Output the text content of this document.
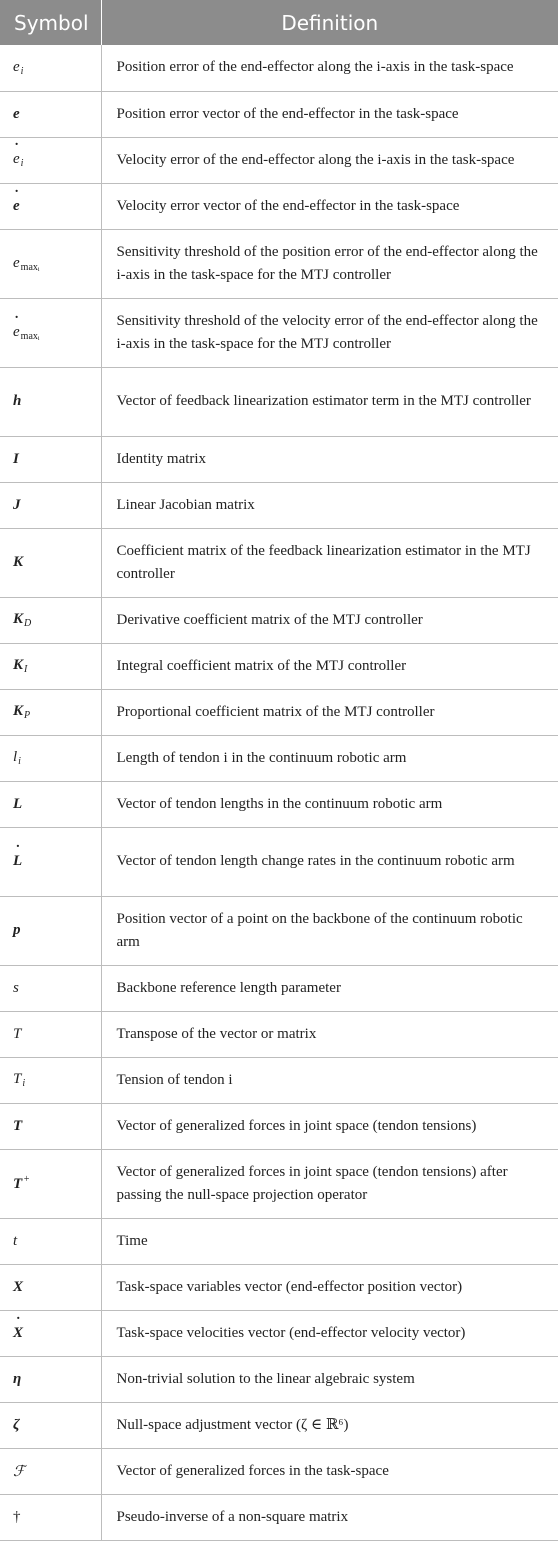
Symbol	Definition
$e_i$	Position error of the end-effector along the i-axis in the task-space
e	Position error vector of the end-effector in the task-space
˙ $e_i$	Velocity error of the end-effector along the i-axis in the task-space
˙ e	Velocity error vector of the end-effector in the task-space
$e_{maxᵢ}$	Sensitivity threshold of the position error of the end-effector along the i-axis in the task-space for the MTJ controller
˙ $e_{maxᵢ}$	Sensitivity threshold of the velocity error of the end-effector along the i-axis in the task-space for the MTJ controller
h	Vector of feedback linearization estimator term in the MTJ controller
I	Identity matrix
J	Linear Jacobian matrix
K	Coefficient matrix of the feedback linearization estimator in the MTJ controller
$K_D$	Derivative coefficient matrix of the MTJ controller
$K_I$	Integral coefficient matrix of the MTJ controller
$K_P$	Proportional coefficient matrix of the MTJ controller
$l_i$	Length of tendon i in the continuum robotic arm
L	Vector of tendon lengths in the continuum robotic arm
˙ L	Vector of tendon length change rates in the continuum robotic arm
p	Position vector of a point on the backbone of the continuum robotic arm
s	Backbone reference length parameter
T	Transpose of the vector or matrix
$T_i$	Tension of tendon i
T	Vector of generalized forces in joint space (tendon tensions)
T+	Vector of generalized forces in joint space (tendon tensions) after passing the null-space projection operator
t	Time
X	Task-space variables vector (end-effector position vector)
˙ X	Task-space velocities vector (end-effector velocity vector)
η	Non-trivial solution to the linear algebraic system
ζ	Null-space adjustment vector (ζ ∈ ℝ⁶)
ℱ	Vector of generalized forces in the task-space
†	Pseudo-inverse of a non-square matrix
